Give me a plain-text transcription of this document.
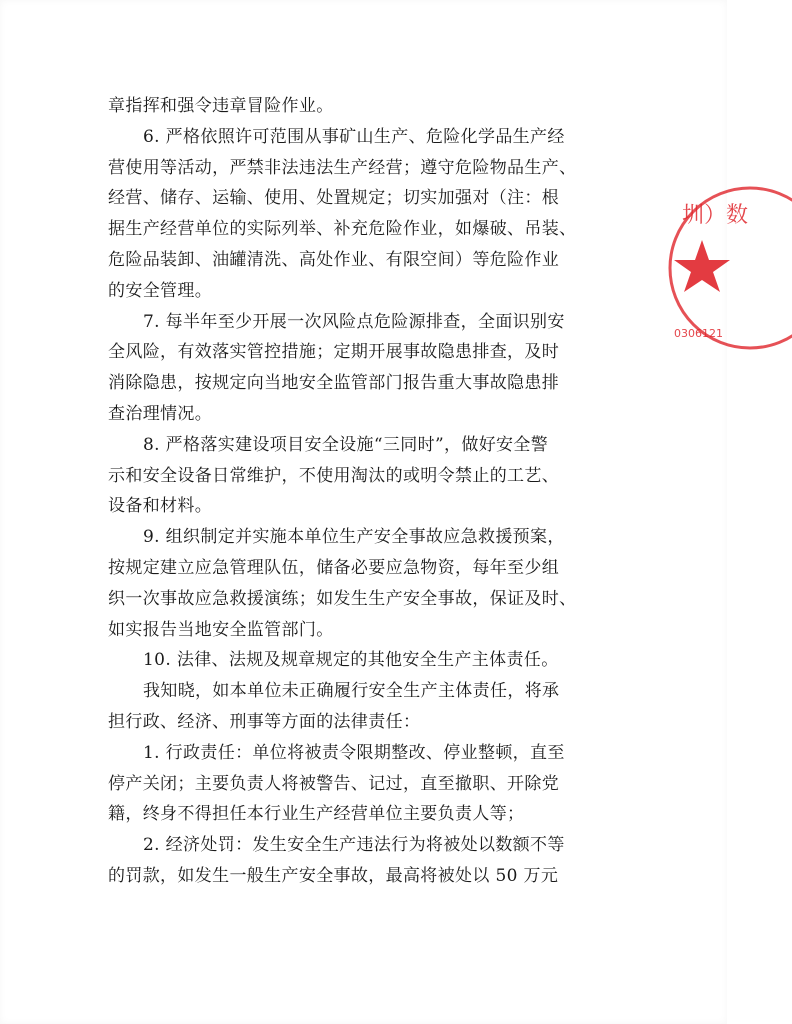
章指挥和强令违章冒险作业。
6. 严格依照许可范围从事矿山生产、危险化学品生产经
营使用等活动，严禁非法违法生产经营；遵守危险物品生产、
经营、储存、运输、使用、处置规定；切实加强对（注：根
据生产经营单位的实际列举、补充危险作业，如爆破、吊装、
危险品装卸、油罐清洗、高处作业、有限空间）等危险作业
的安全管理。
7. 每半年至少开展一次风险点危险源排查，全面识别安
全风险，有效落实管控措施；定期开展事故隐患排查，及时
消除隐患，按规定向当地安全监管部门报告重大事故隐患排
查治理情况。
8. 严格落实建设项目安全设施“三同时”，做好安全警
示和安全设备日常维护，不使用淘汰的或明令禁止的工艺、
设备和材料。
9. 组织制定并实施本单位生产安全事故应急救援预案，
按规定建立应急管理队伍，储备必要应急物资，每年至少组
织一次事故应急救援演练；如发生生产安全事故，保证及时、
如实报告当地安全监管部门。
10. 法律、法规及规章规定的其他安全生产主体责任。
我知晓，如本单位未正确履行安全生产主体责任，将承
担行政、经济、刑事等方面的法律责任：
1. 行政责任：单位将被责令限期整改、停业整顿，直至
停产关闭；主要负责人将被警告、记过，直至撤职、开除党
籍，终身不得担任本行业生产经营单位主要负责人等；
2. 经济处罚：发生安全生产违法行为将被处以数额不等
的罚款，如发生一般生产安全事故，最高将被处以 50 万元
圳）数
0306121
